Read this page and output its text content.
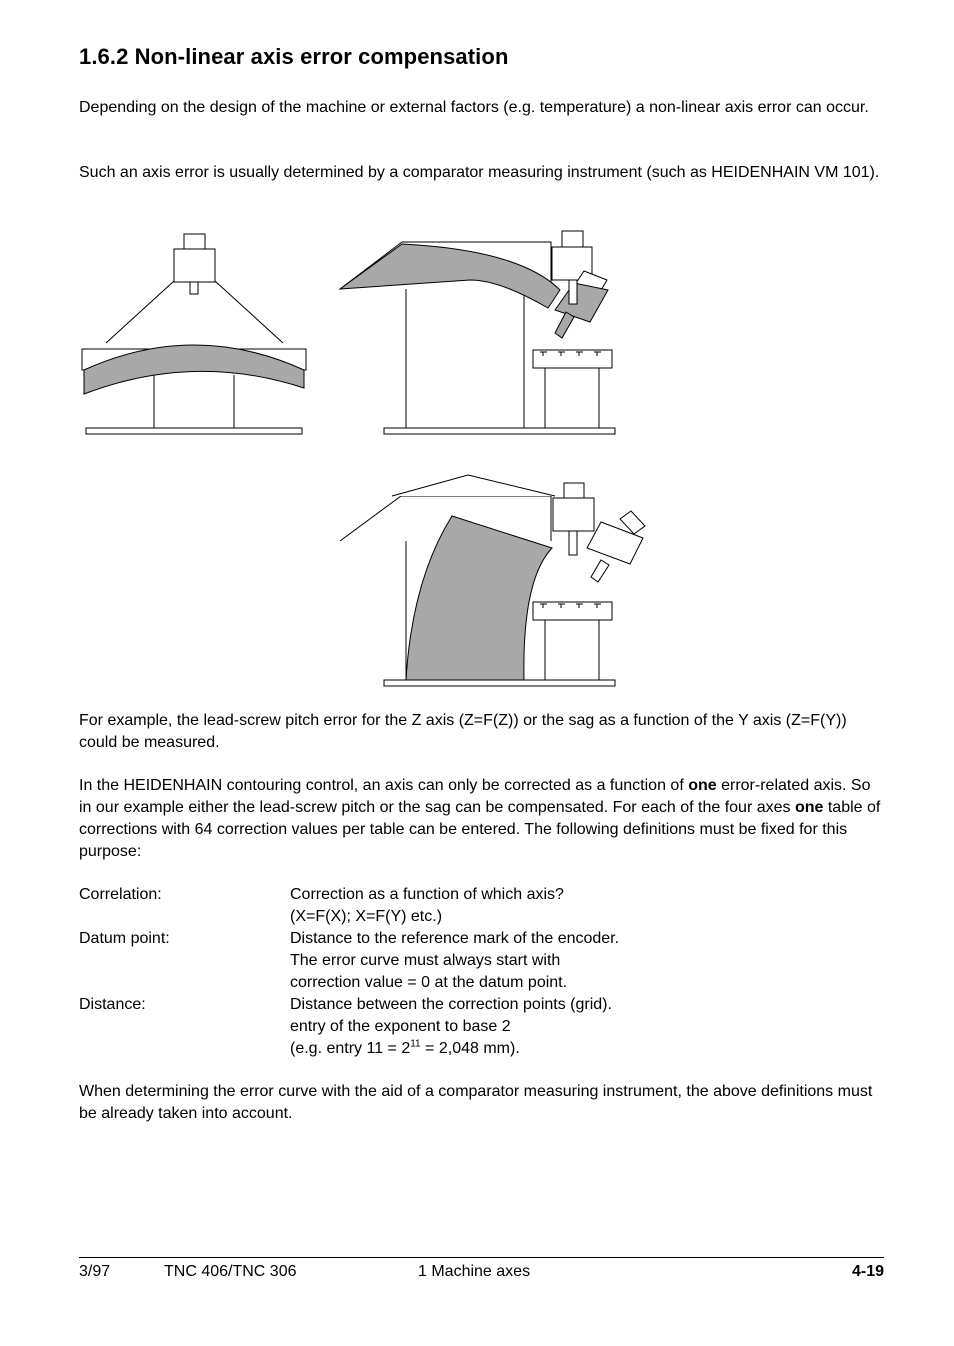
1.6.2 Non-linear axis error compensation

Depending on the design of the machine or external factors (e.g. temperature) a non-linear axis error can occur.

Such an axis error is usually determined by a comparator measuring instrument (such as HEIDENHAIN VM 101).

For example, the lead-screw pitch error for the Z axis (Z=F(Z)) or the sag as a function of the Y axis (Z=F(Y)) could be measured.

In the HEIDENHAIN contouring control, an axis can only be corrected as a function of one error-related axis. So in our example either the lead-screw pitch or the sag can be compensated. For each of the four axes one table of corrections with 64 correction values per table can be entered. The following definitions must be fixed for this purpose:

Correlation:	Correction as a function of which axis?
(X=F(X); X=F(Y) etc.)
Datum point:	Distance to the reference mark of the encoder.
The error curve must always start with
correction value = 0 at the datum point.
Distance:	Distance between the correction points (grid).
entry of the exponent to base 2
(e.g. entry $11 = 2^{11} = 2,048$ mm).

When determining the error curve with the aid of a comparator measuring instrument, the above definitions must be already taken into account.

3/97	TNC 406/TNC 306	1 Machine axes	4-19
